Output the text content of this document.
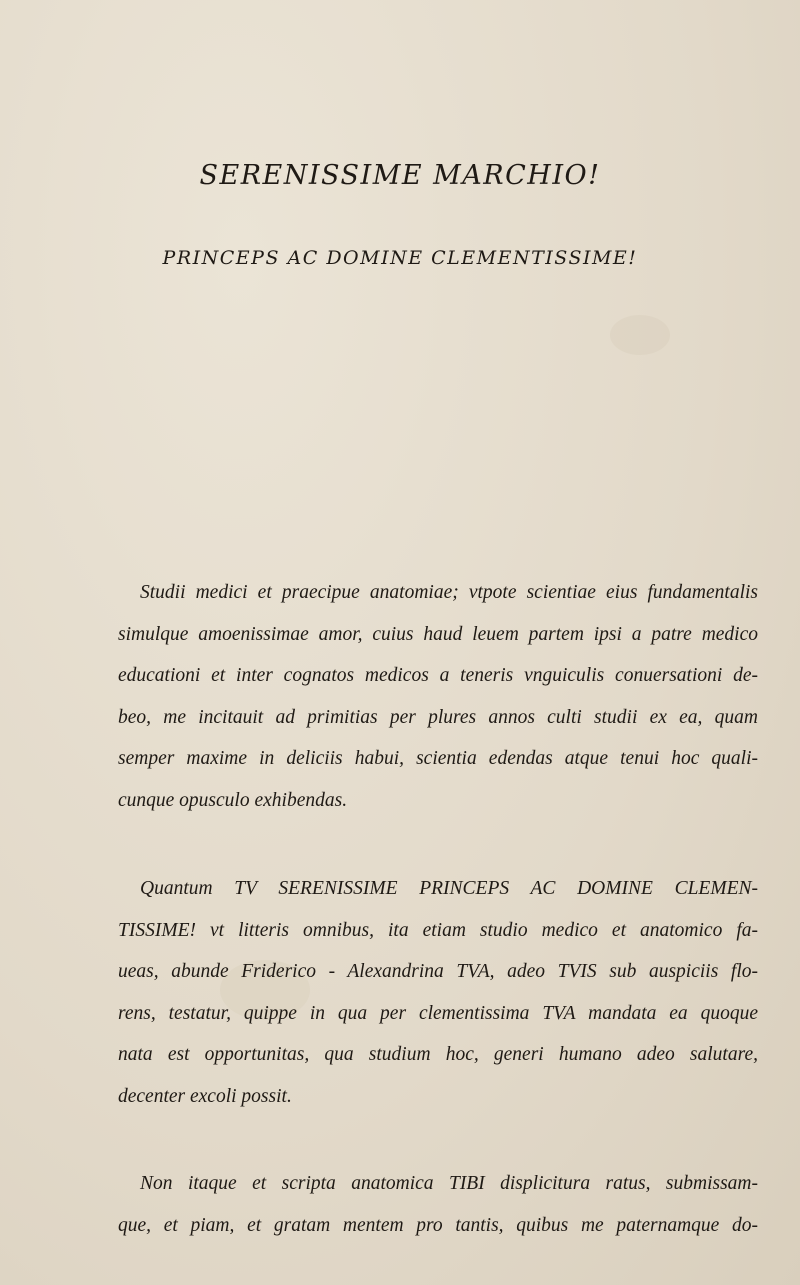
SERENISSIME MARCHIO!
PRINCEPS AC DOMINE CLEMENTISSIME!
Studii medici et praecipue anatomiae; vtpote scientiae eius fundamentalis
simulque amoenissimae amor, cuius haud leuem partem ipsi a patre medico
educationi et inter cognatos medicos a teneris vnguiculis conuersationi de-
beo, me incitauit ad primitias per plures annos culti studii ex ea, quam
semper maxime in deliciis habui, scientia edendas atque tenui hoc quali-
cunque opusculo exhibendas.
Quantum TV SERENISSIME PRINCEPS AC DOMINE CLEMEN-
TISSIME! vt litteris omnibus, ita etiam studio medico et anatomico fa-
ueas, abunde Friderico - Alexandrina TVA, adeo TVIS sub auspiciis flo-
rens, testatur, quippe in qua per clementissima TVA mandata ea quoque
nata est opportunitas, qua studium hoc, generi humano adeo salutare,
decenter excoli possit.
Non itaque et scripta anatomica TIBI displicitura ratus, submissam-
que, et piam, et gratam mentem pro tantis, quibus me paternamque do-
